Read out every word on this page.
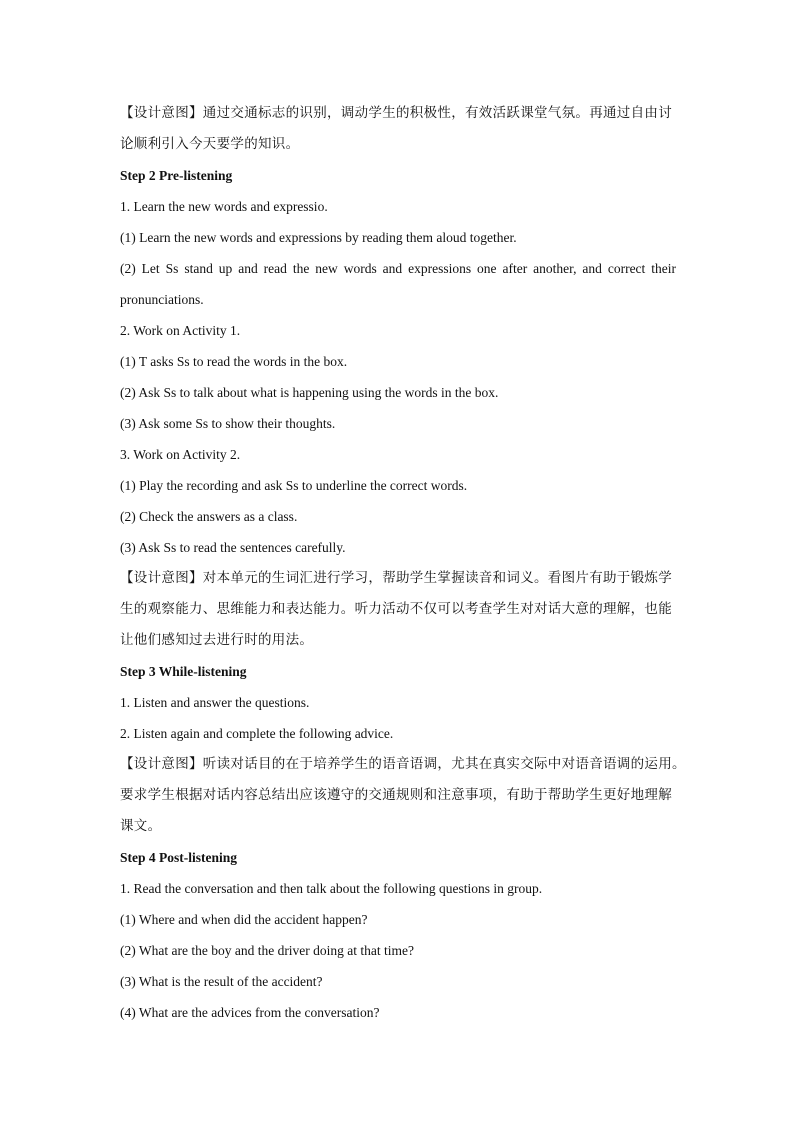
【设计意图】通过交通标志的识别，调动学生的积极性，有效活跃课堂气氛。再通过自由讨
论顺利引入今天要学的知识。
Step 2 Pre-listening
1. Learn the new words and expressio.
(1) Learn the new words and expressions by reading them aloud together.
(2) Let Ss stand up and read the new words and expressions one after another, and correct their
pronunciations.
2. Work on Activity 1.
(1) T asks Ss to read the words in the box.
(2) Ask Ss to talk about what is happening using the words in the box.
(3) Ask some Ss to show their thoughts.
3. Work on Activity 2.
(1) Play the recording and ask Ss to underline the correct words.
(2) Check the answers as a class.
(3) Ask Ss to read the sentences carefully.
【设计意图】对本单元的生词汇进行学习，帮助学生掌握读音和词义。看图片有助于锻炼学
生的观察能力、思维能力和表达能力。听力活动不仅可以考查学生对对话大意的理解，也能
让他们感知过去进行时的用法。
Step 3 While-listening
1. Listen and answer the questions.
2. Listen again and complete the following advice.
【设计意图】听读对话目的在于培养学生的语音语调，尤其在真实交际中对语音语调的运用。
要求学生根据对话内容总结出应该遵守的交通规则和注意事项，有助于帮助学生更好地理解
课文。
Step 4 Post-listening
1. Read the conversation and then talk about the following questions in group.
(1) Where and when did the accident happen?
(2) What are the boy and the driver doing at that time?
(3) What is the result of the accident?
(4) What are the advices from the conversation?
